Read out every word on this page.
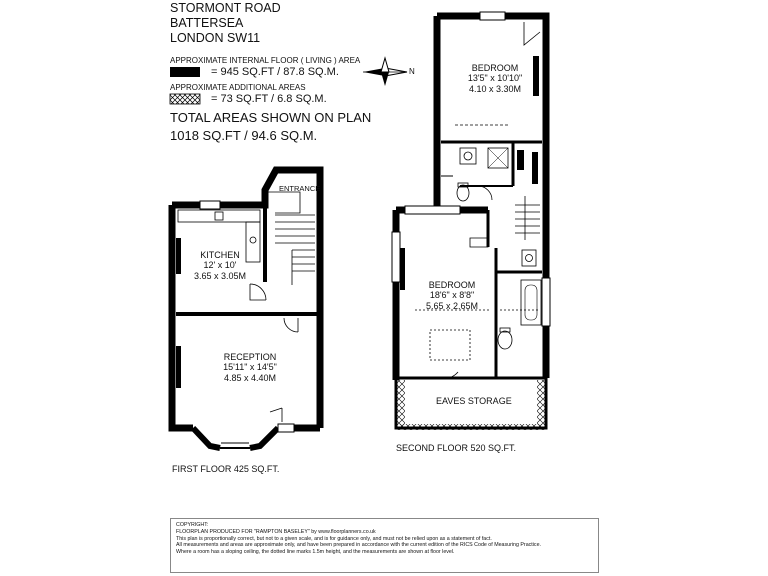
STORMONT ROAD
BATTERSEA
LONDON SW11
APPROXIMATE INTERNAL FLOOR ( LIVING ) AREA
= 945 SQ.FT / 87.8 SQ.M.
APPROXIMATE ADDITIONAL AREAS
= 73 SQ.FT / 6.8 SQ.M.
TOTAL AREAS SHOWN ON PLAN
1018 SQ.FT / 94.6 SQ.M.
N
ENTRANCE
KITCHEN
12' x 10'
3.65 x 3.05M
RECEPTION
15'11" x 14'5"
4.85 x 4.40M
FIRST FLOOR 425 SQ.FT.
BEDROOM
13'5" x 10'10"
4.10 x 3.30M
BEDROOM
18'6" x 8'8"
5.65 x 2.65M
EAVES STORAGE
SECOND FLOOR 520 SQ.FT.
COPYRIGHT:
FLOORPLAN PRODUCED FOR "RAMPTON BASELEY" by www.floorplanners.co.uk
This plan is proportionally correct, but not to a given scale, and is for guidance only, and must not be relied upon as a statement of fact.
All measurements and areas are approximate only, and have been prepared in accordance with the current edition of the RICS Code of Measuring Practice.
Where a room has a sloping ceiling, the dotted line marks 1.5m height, and the measurements are shown at floor level.
